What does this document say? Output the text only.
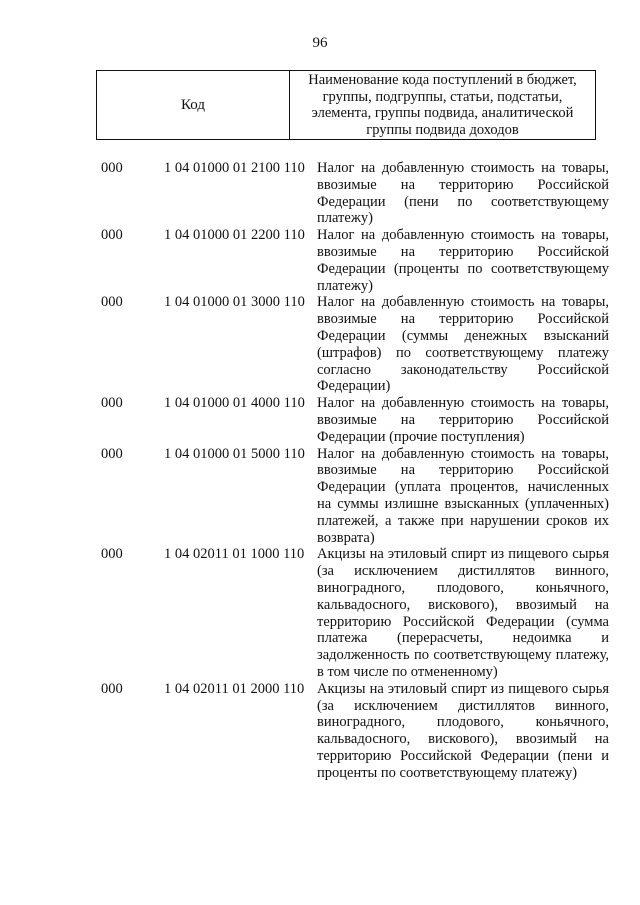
96
Код
Наименование кода поступлений в бюджет, группы, подгруппы, статьи, подстатьи, элемента, группы подвида, аналитической группы подвида доходов
000	1 04 01000 01 2100 110 Налог на добавленную стоимость на товары,
ввозимые на территорию Российской
Федерации (пени по соответствующему
платежу)
000	1 04 01000 01 2200 110 Налог на добавленную стоимость на товары,
ввозимые на территорию Российской
Федерации (проценты по соответствующему
платежу)
000	1 04 01000 01 3000 110 Налог на добавленную стоимость на товары,
ввозимые на территорию Российской
Федерации (суммы денежных взысканий
(штрафов) по соответствующему платежу
согласно законодательству Российской
Федерации)
000	1 04 01000 01 4000 110 Налог на добавленную стоимость на товары,
ввозимые на территорию Российской
Федерации (прочие поступления)
000	1 04 01000 01 5000 110 Налог на добавленную стоимость на товары,
ввозимые на территорию Российской
Федерации (уплата процентов, начисленных
на суммы излишне взысканных (уплаченных)
платежей, а также при нарушении сроков их
возврата)
000	1 04 02011 01 1000 110 Акцизы на этиловый спирт из пищевого сырья
(за исключением дистиллятов винного,
виноградного, плодового, коньячного,
кальвадосного, вискового), ввозимый на
территорию Российской Федерации (сумма
платежа (перерасчеты, недоимка и
задолженность по соответствующему платежу,
в том числе по отмененному)
000	1 04 02011 01 2000 110 Акцизы на этиловый спирт из пищевого сырья
(за исключением дистиллятов винного,
виноградного, плодового, коньячного,
кальвадосного, вискового), ввозимый на
территорию Российской Федерации (пени и
проценты по соответствующему платежу)
